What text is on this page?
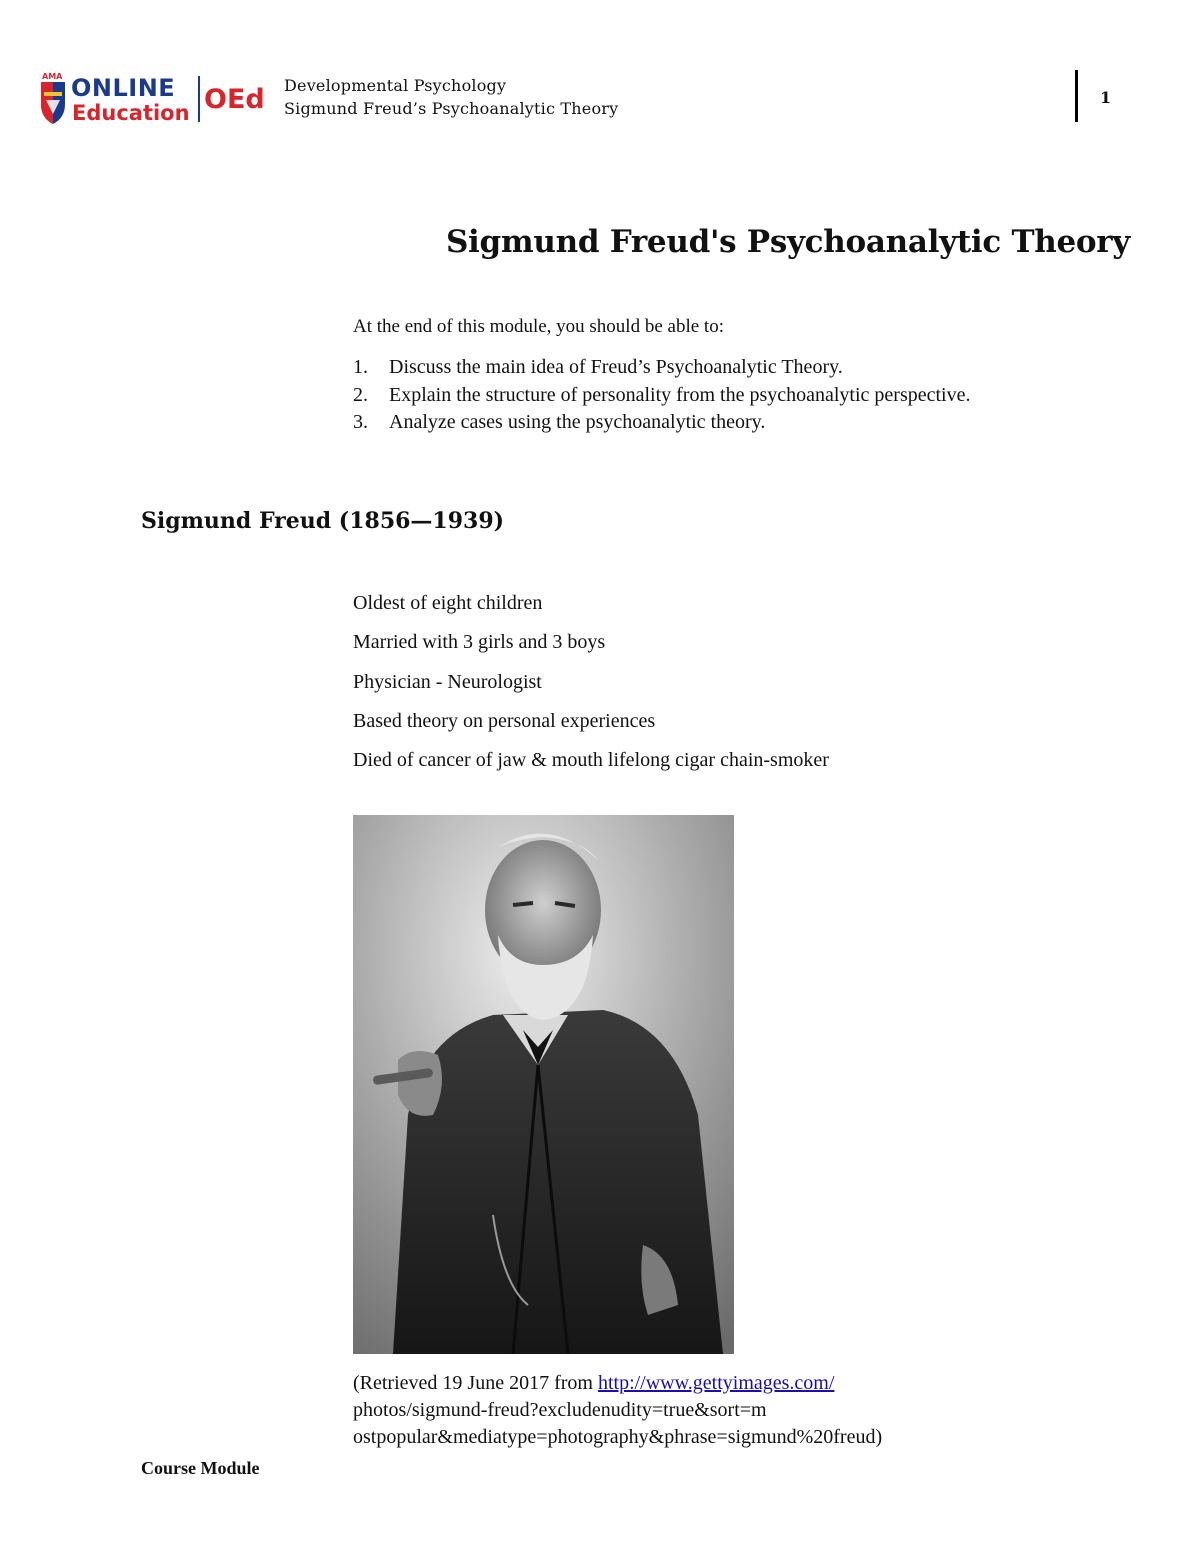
AMA ONLINE
Education OEd Developmental Psychology
Sigmund Freud’s Psychoanalytic Theory
1
Sigmund Freud's Psychoanalytic Theory
At the end of this module, you should be able to:
1. Discuss the main idea of Freud’s Psychoanalytic Theory.
2. Explain the structure of personality from the psychoanalytic perspective.
3. Analyze cases using the psychoanalytic theory.
Sigmund Freud (1856—1939)
Oldest of eight children
Married with 3 girls and 3 boys
Physician - Neurologist
Based theory on personal experiences
Died of cancer of jaw & mouth lifelong cigar chain-smoker
(Retrieved 19 June 2017 from http://www.gettyimages.com/
photos/sigmund-freud?excludenudity=true&sort=m
ostpopular&mediatype=photography&phrase=sigmund%20freud)
Course Module
